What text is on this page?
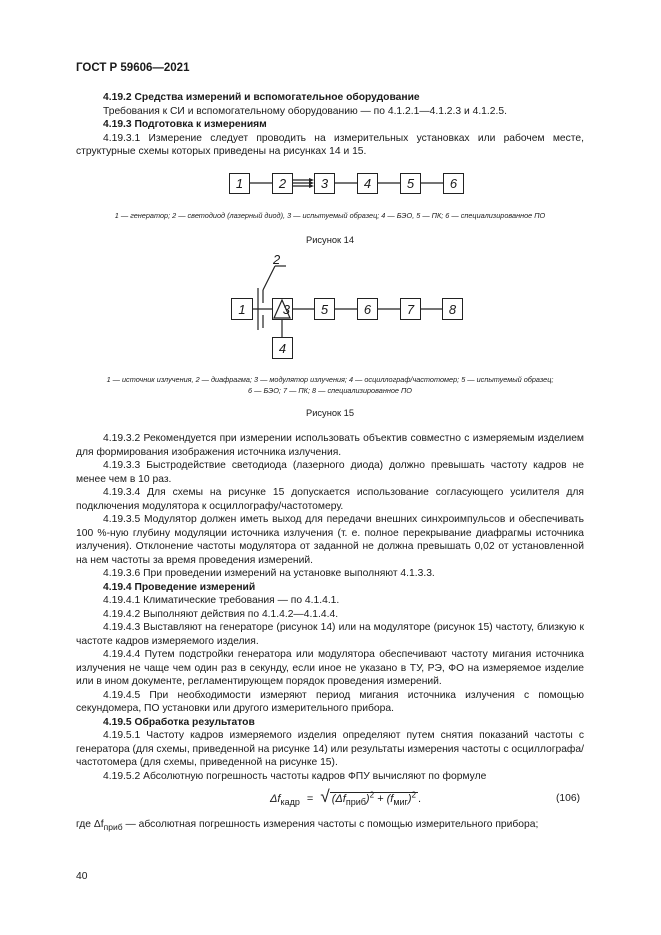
ГОСТ Р 59606—2021
4.19.2 Средства измерений и вспомогательное оборудование
Требования к СИ и вспомогательному оборудованию — по 4.1.2.1—4.1.2.3 и 4.1.2.5.
4.19.3 Подготовка к измерениям
4.19.3.1 Измерение следует проводить на измерительных установках или рабочем месте, структурные схемы которых приведены на рисунках 14 и 15.
1	2	3	4	5	6
1 — генератор; 2 — светодиод (лазерный диод), 3 — испытуемый образец; 4 — БЭО, 5 — ПК; 6 — специализированное ПО
Рисунок 14
1	3	5	6	7	8
4
2
1 — источник излучения, 2 — диафрагма; 3 — модулятор излучения; 4 — осциллограф/частотомер; 5 — испытуемый образец;
6 — БЭО; 7 — ПК; 8 — специализированное ПО
Рисунок 15
4.19.3.2 Рекомендуется при измерении использовать объектив совместно с измеряемым изделием для формирования изображения источника излучения.
4.19.3.3 Быстродействие светодиода (лазерного диода) должно превышать частоту кадров не менее чем в 10 раз.
4.19.3.4 Для схемы на рисунке 15 допускается использование согласующего усилителя для подключения модулятора к осциллографу/частотомеру.
4.19.3.5 Модулятор должен иметь выход для передачи внешних синхроимпульсов и обеспечивать 100 %-ную глубину модуляции источника излучения (т. е. полное перекрывание диафрагмы источника излучения). Отклонение частоты модулятора от заданной не должна превышать 0,02 от установленной на нем частоты за время проведения измерений.
4.19.3.6 При проведении измерений на установке выполняют 4.1.3.3.
4.19.4 Проведение измерений
4.19.4.1 Климатические требования — по 4.1.4.1.
4.19.4.2 Выполняют действия по 4.1.4.2—4.1.4.4.
4.19.4.3 Выставляют на генераторе (рисунок 14) или на модуляторе (рисунок 15) частоту, близкую к частоте кадров измеряемого изделия.
4.19.4.4 Путем подстройки генератора или модулятора обеспечивают частоту мигания источника излучения не чаще чем один раз в секунду, если иное не указано в ТУ, РЭ, ФО на измеряемое изделие или в ином документе, регламентирующем порядок проведения измерений.
4.19.4.5 При необходимости измеряют период мигания источника излучения с помощью секундомера, ПО установки или другого измерительного прибора.
4.19.5 Обработка результатов
4.19.5.1 Частоту кадров измеряемого изделия определяют путем снятия показаний частоты с генератора (для схемы, приведенной на рисунке 14) или результаты измерения частоты с осциллографа/частотомера (для схемы, приведенной на рисунке 15).
4.19.5.2 Абсолютную погрешность частоты кадров ФПУ вычисляют по формуле
$\Delta f_{кадр}$ = √ $(\Delta f_{приб})^2 + (f_{миг})^2$ .	(106)
где $\Delta f_{приб}$ — абсолютная погрешность измерения частоты с помощью измерительного прибора;
40
